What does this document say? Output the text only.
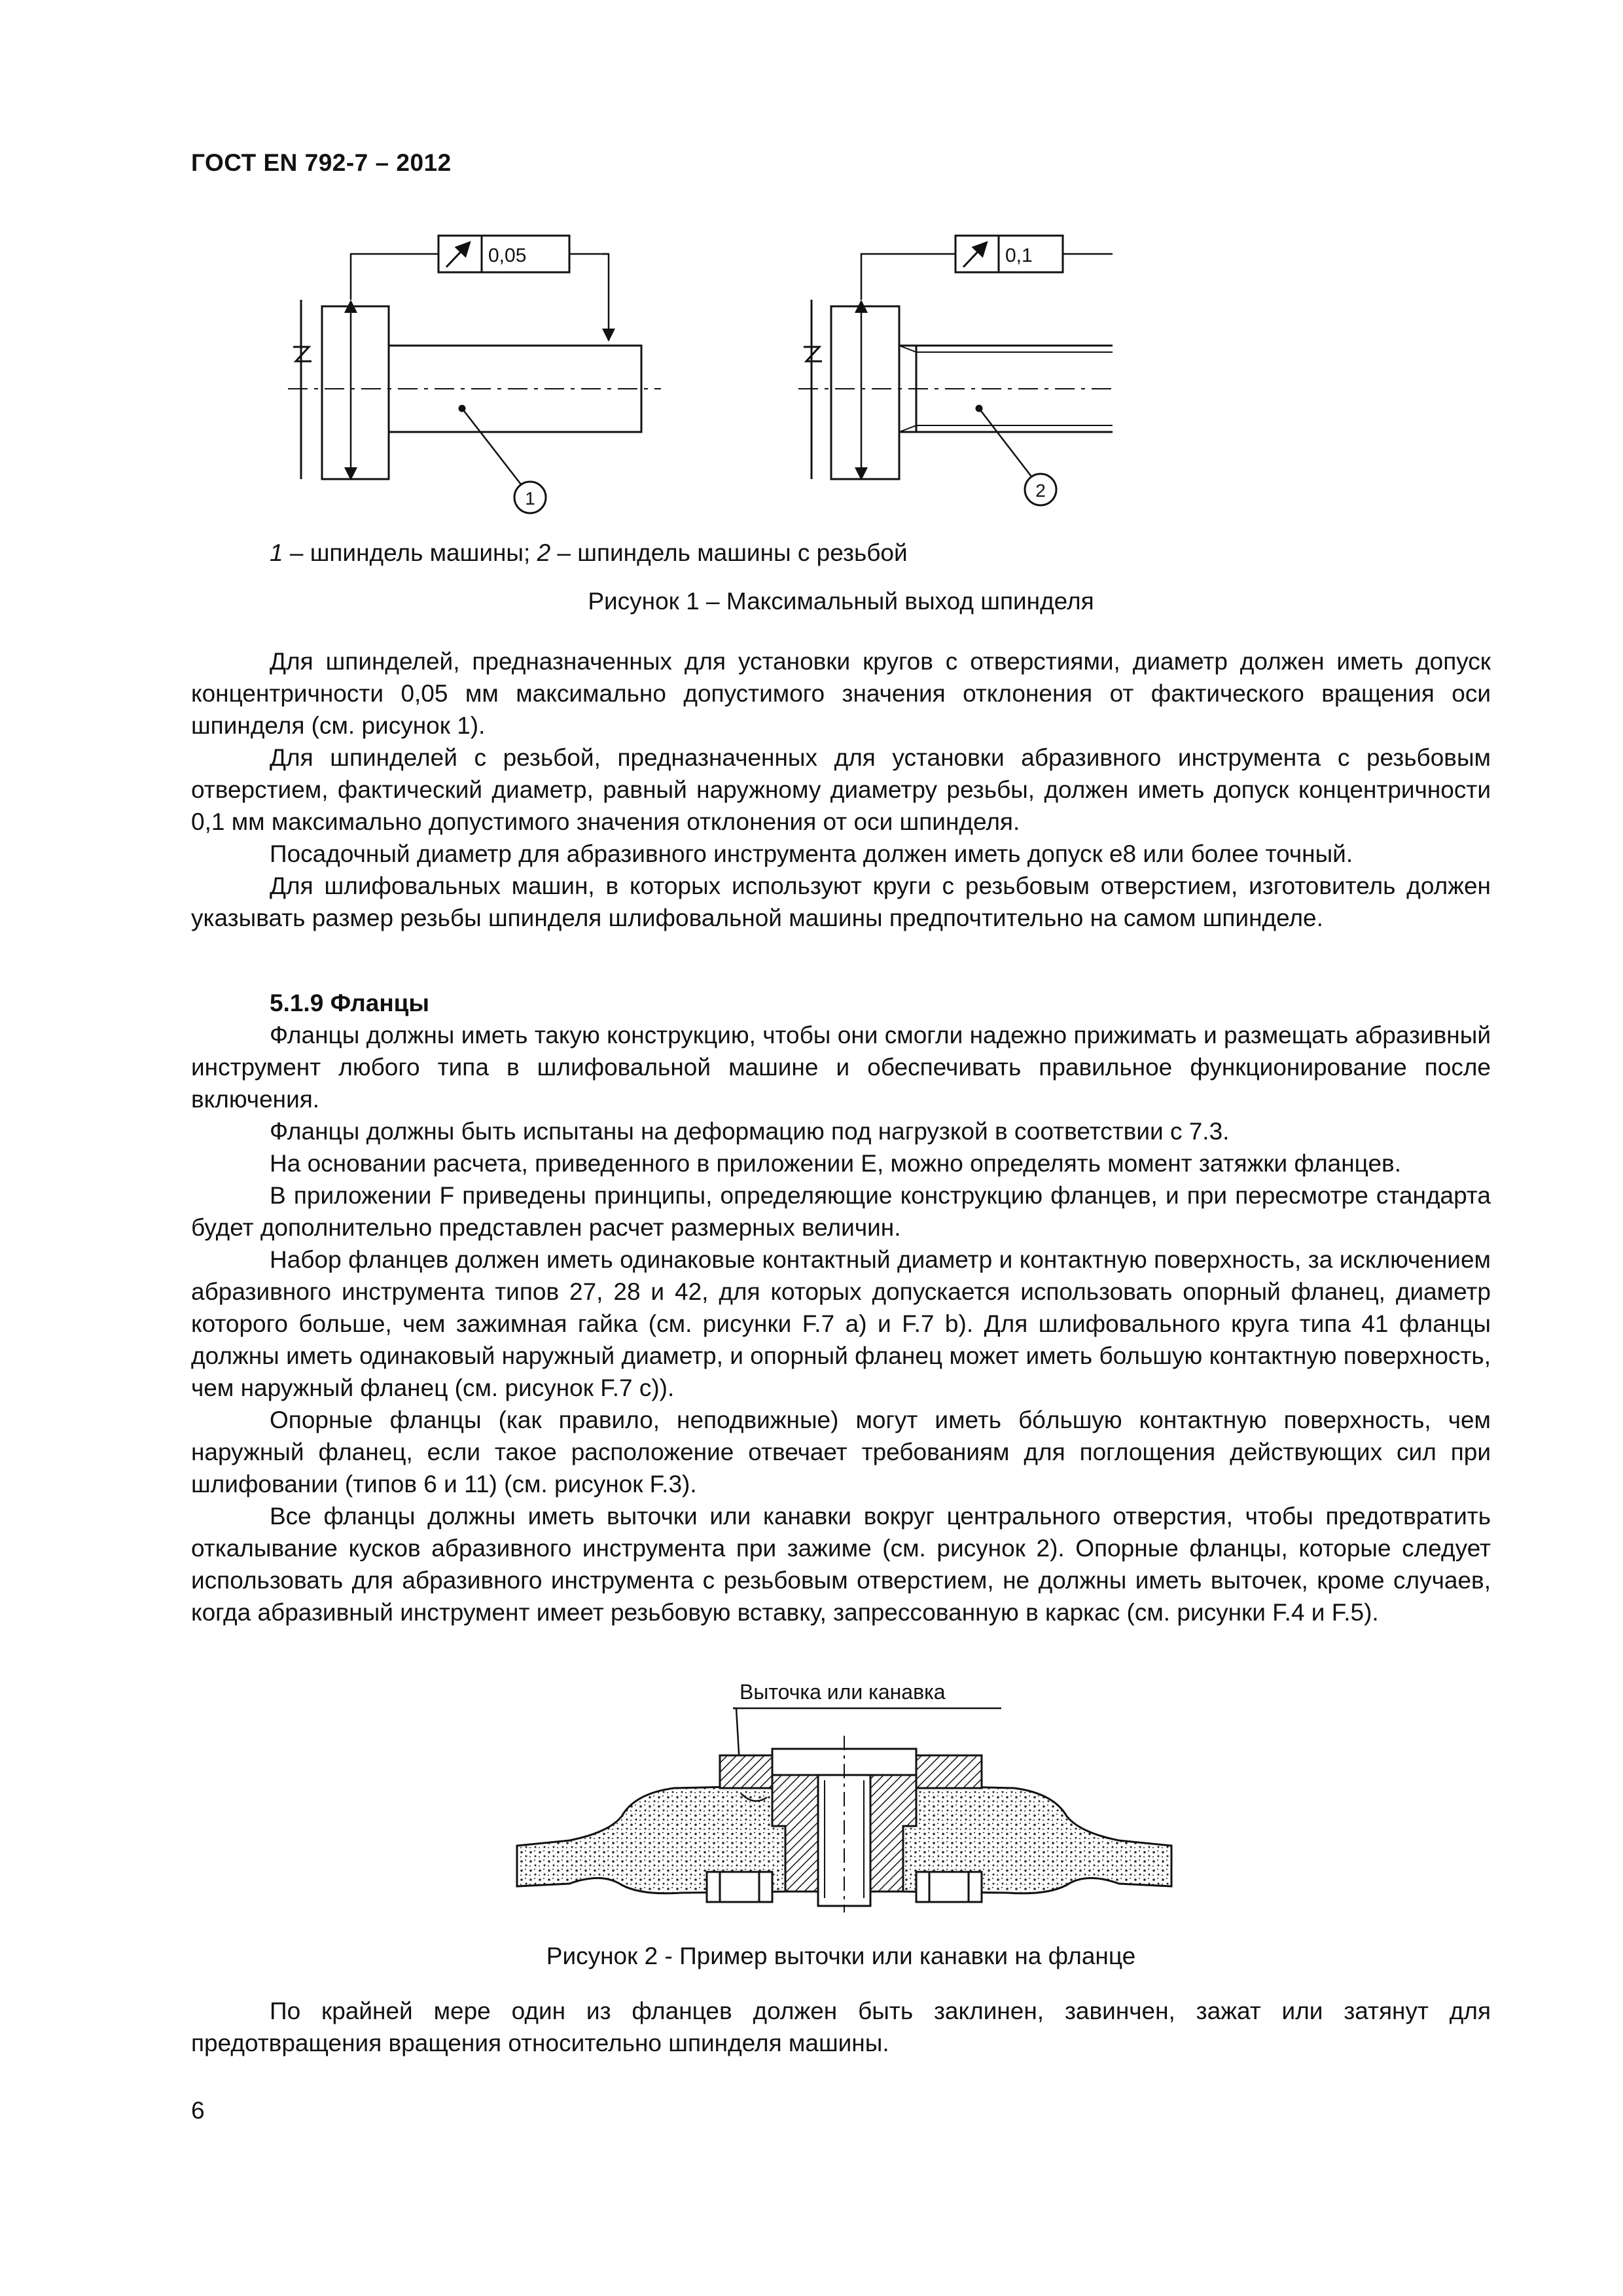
ГОСТ EN 792-7 – 2012
0,05	0,1
1	2
1 – шпиндель машины; 2 – шпиндель машины с резьбой
Рисунок 1 – Максимальный выход шпинделя

Для шпинделей, предназначенных для установки кругов с отверстиями, диаметр должен иметь допуск концентричности 0,05 мм максимально допустимого значения отклонения от фактического вращения оси шпинделя (см. рисунок 1).

Для шпинделей с резьбой, предназначенных для установки абразивного инструмента с резьбовым отверстием, фактический диаметр, равный наружному диаметру резьбы, должен иметь допуск концентричности 0,1 мм максимально допустимого значения отклонения от оси шпинделя.

Посадочный диаметр для абразивного инструмента должен иметь допуск е8 или более точный.

Для шлифовальных машин, в которых используют круги с резьбовым отверстием, изготовитель должен указывать размер резьбы шпинделя шлифовальной машины предпочтительно на самом шпинделе.

5.1.9 Фланцы

Фланцы должны иметь такую конструкцию, чтобы они смогли надежно прижимать и размещать абразивный инструмент любого типа в шлифовальной машине и обеспечивать правильное функционирование после включения.

Фланцы должны быть испытаны на деформацию под нагрузкой в соответствии с 7.3.

На основании расчета, приведенного в приложении Е, можно определять момент затяжки фланцев.

В приложении F приведены принципы, определяющие конструкцию фланцев, и при пересмотре стандарта будет дополнительно представлен расчет размерных величин.

Набор фланцев должен иметь одинаковые контактный диаметр и контактную поверхность, за исключением абразивного инструмента типов 27, 28 и 42, для которых допускается использовать опорный фланец, диаметр которого больше, чем зажимная гайка (см. рисунки F.7 a) и F.7 b). Для шлифовального круга типа 41 фланцы должны иметь одинаковый наружный диаметр, и опорный фланец может иметь большую контактную поверхность, чем наружный фланец (см. рисунок F.7 c)).

Опорные фланцы (как правило, неподвижные) могут иметь бóльшую контактную поверхность, чем наружный фланец, если такое расположение отвечает требованиям для поглощения действующих сил при шлифовании (типов 6 и 11) (см. рисунок F.3).

Все фланцы должны иметь выточки или канавки вокруг центрального отверстия, чтобы предотвратить откалывание кусков абразивного инструмента при зажиме (см. рисунок 2). Опорные фланцы, которые следует использовать для абразивного инструмента с резьбовым отверстием, не должны иметь выточек, кроме случаев, когда абразивный инструмент имеет резьбовую вставку, запрессованную в каркас (см. рисунки F.4 и F.5).

Выточка или канавка
Рисунок 2 - Пример выточки или канавки на фланце

По крайней мере один из фланцев должен быть заклинен, завинчен, зажат или затянут для предотвращения вращения относительно шпинделя машины.

6
